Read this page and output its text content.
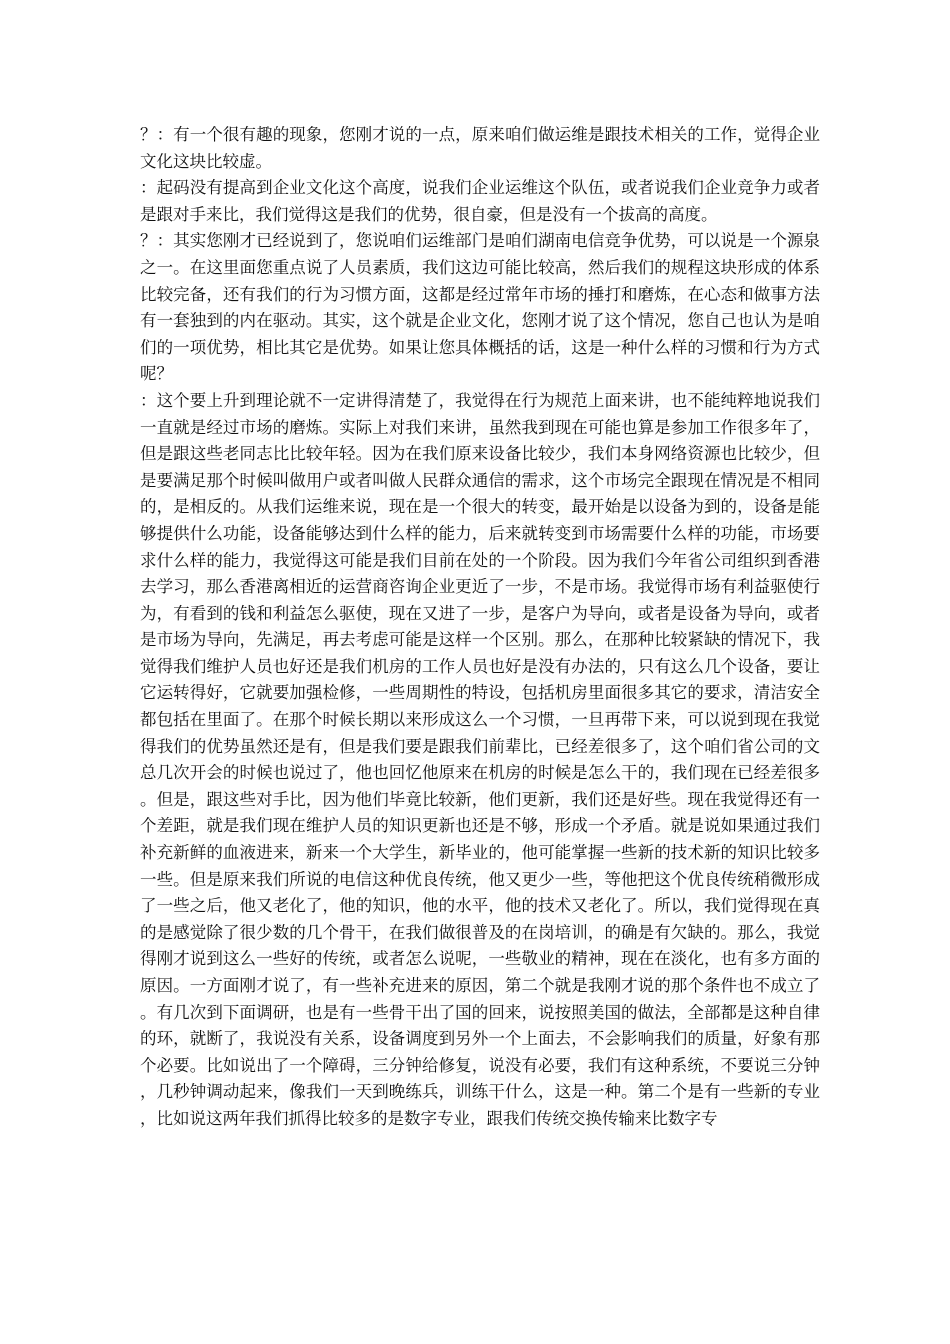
？：有一个很有趣的现象，您刚才说的一点，原来咱们做运维是跟技术相关的工作，觉得企业文化这块比较虚。

：起码没有提高到企业文化这个高度，说我们企业运维这个队伍，或者说我们企业竞争力或者是跟对手来比，我们觉得这是我们的优势，很自豪，但是没有一个拔高的高度。

？：其实您刚才已经说到了，您说咱们运维部门是咱们湖南电信竞争优势，可以说是一个源泉之一。在这里面您重点说了人员素质，我们这边可能比较高，然后我们的规程这块形成的体系比较完备，还有我们的行为习惯方面，这都是经过常年市场的捶打和磨炼，在心态和做事方法有一套独到的内在驱动。其实，这个就是企业文化，您刚才说了这个情况，您自己也认为是咱们的一项优势，相比其它是优势。如果让您具体概括的话，这是一种什么样的习惯和行为方式呢？

：这个要上升到理论就不一定讲得清楚了，我觉得在行为规范上面来讲，也不能纯粹地说我们一直就是经过市场的磨炼。实际上对我们来讲，虽然我到现在可能也算是参加工作很多年了，但是跟这些老同志比比较年轻。因为在我们原来设备比较少，我们本身网络资源也比较少，但是要满足那个时候叫做用户或者叫做人民群众通信的需求，这个市场完全跟现在情况是不相同的，是相反的。从我们运维来说，现在是一个很大的转变，最开始是以设备为到的，设备是能够提供什么功能，设备能够达到什么样的能力，后来就转变到市场需要什么样的功能，市场要求什么样的能力，我觉得这可能是我们目前在处的一个阶段。因为我们今年省公司组织到香港去学习，那么香港离相近的运营商咨询企业更近了一步，不是市场。我觉得市场有利益驱使行为，有看到的钱和利益怎么驱使，现在又进了一步，是客户为导向，或者是设备为导向，或者是市场为导向，先满足，再去考虑可能是这样一个区别。那么，在那种比较紧缺的情况下，我觉得我们维护人员也好还是我们机房的工作人员也好是没有办法的，只有这么几个设备，要让它运转得好，它就要加强检修，一些周期性的特设，包括机房里面很多其它的要求，清洁安全都包括在里面了。在那个时候长期以来形成这么一个习惯，一旦再带下来，可以说到现在我觉得我们的优势虽然还是有，但是我们要是跟我们前辈比，已经差很多了，这个咱们省公司的文总几次开会的时候也说过了，他也回忆他原来在机房的时候是怎么干的，我们现在已经差很多。但是，跟这些对手比，因为他们毕竟比较新，他们更新，我们还是好些。现在我觉得还有一个差距，就是我们现在维护人员的知识更新也还是不够，形成一个矛盾。就是说如果通过我们补充新鲜的血液进来，新来一个大学生，新毕业的，他可能掌握一些新的技术新的知识比较多一些。但是原来我们所说的电信这种优良传统，他又更少一些，等他把这个优良传统稍微形成了一些之后，他又老化了，他的知识，他的水平，他的技术又老化了。所以，我们觉得现在真的是感觉除了很少数的几个骨干，在我们做很普及的在岗培训，的确是有欠缺的。那么，我觉得刚才说到这么一些好的传统，或者怎么说呢，一些敬业的精神，现在在淡化，也有多方面的原因。一方面刚才说了，有一些补充进来的原因，第二个就是我刚才说的那个条件也不成立了。有几次到下面调研，也是有一些骨干出了国的回来，说按照美国的做法，全部都是这种自律的环，就断了，我说没有关系，设备调度到另外一个上面去，不会影响我们的质量，好象有那个必要。比如说出了一个障碍，三分钟给修复，说没有必要，我们有这种系统，不要说三分钟，几秒钟调动起来，像我们一天到晚练兵，训练干什么，这是一种。第二个是有一些新的专业，比如说这两年我们抓得比较多的是数字专业，跟我们传统交换传输来比数字专
